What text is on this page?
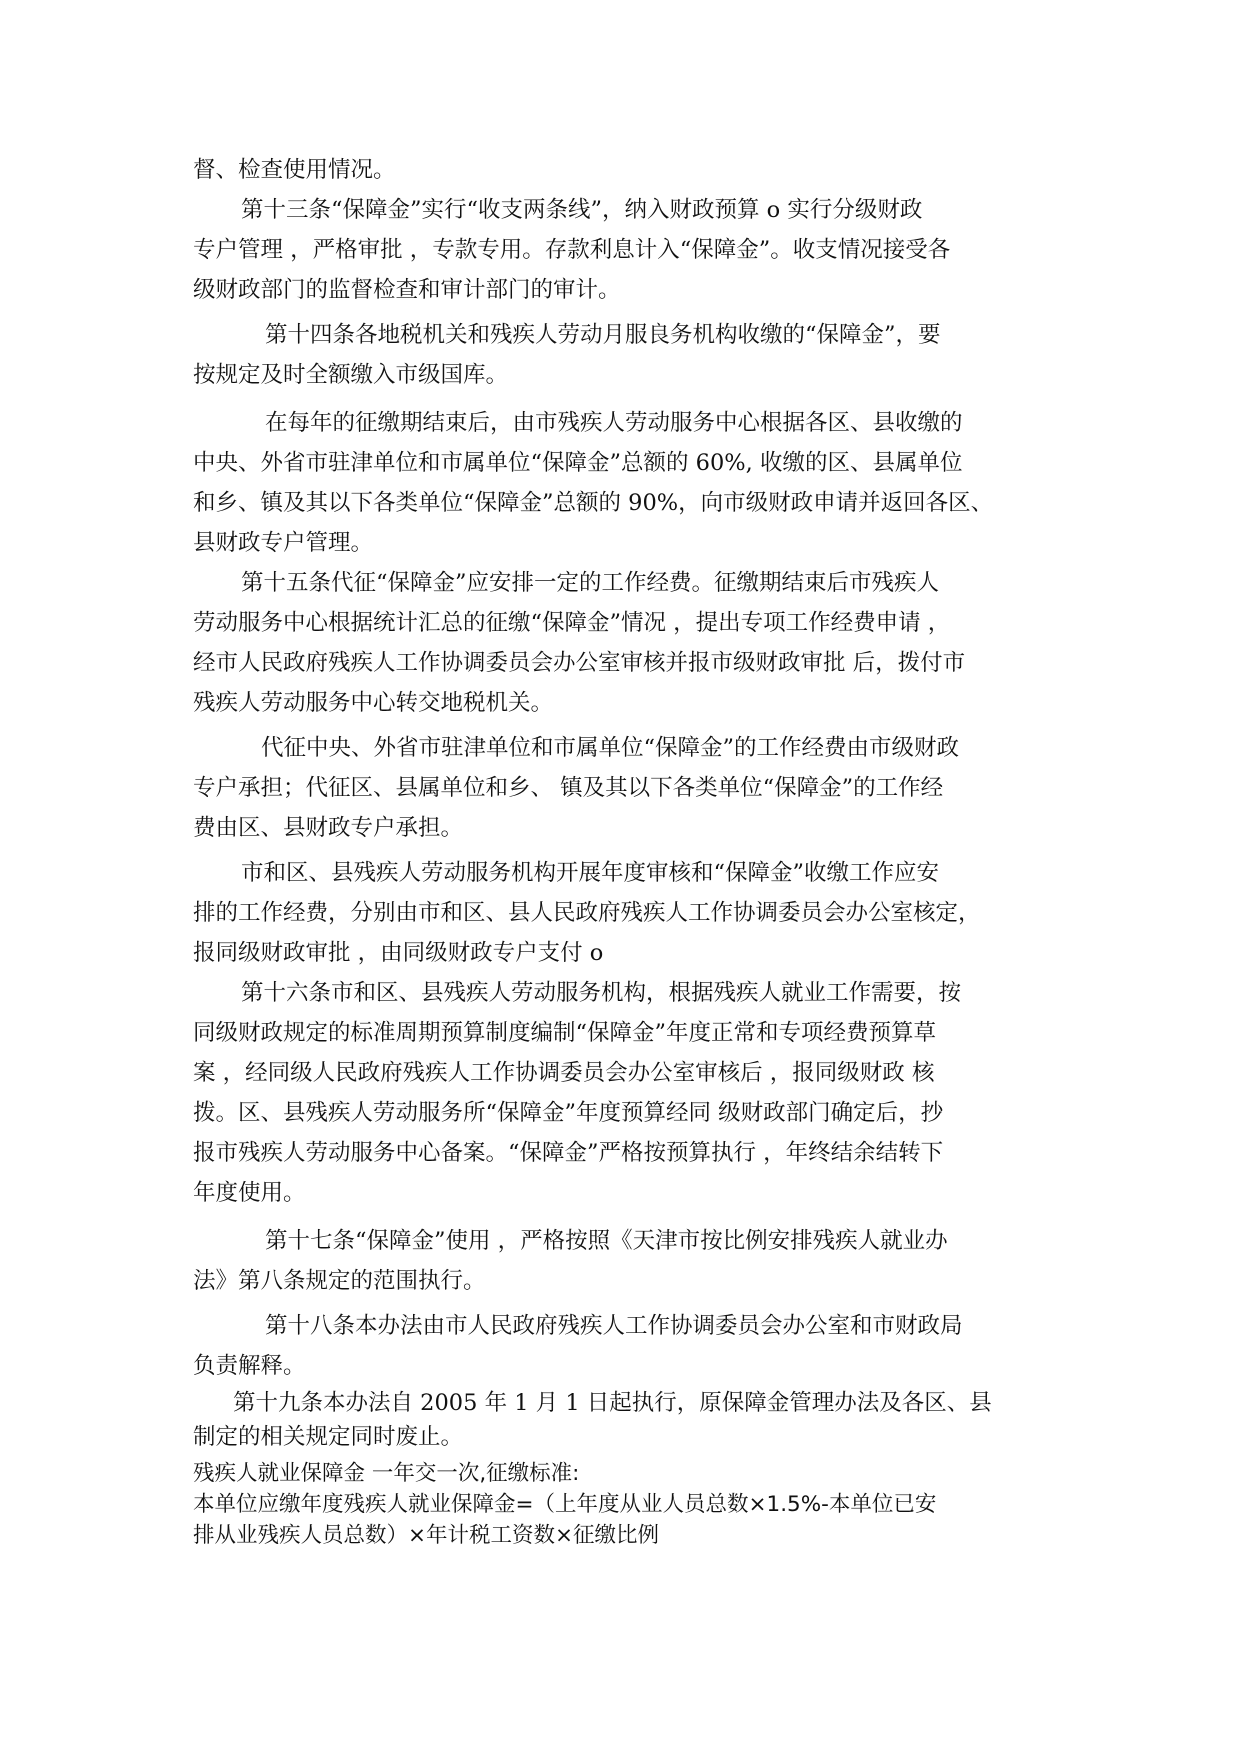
督、检查使用情况。

第十三条“保障金”实行“收支两条线”，纳入财政预算 o 实行分级财政
专户管理 ，严格审批 ，专款专用。存款利息计入“保障金”。收支情况接受各
级财政部门的监督检查和审计部门的审计。

第十四条各地税机关和残疾人劳动月服良务机构收缴的“保障金”，要
按规定及时全额缴入市级国库。

在每年的征缴期结束后，由市残疾人劳动服务中心根据各区、县收缴的
中央、外省市驻津单位和市属单位“保障金”总额的 60%, 收缴的区、县属单位
和乡、镇及其以下各类单位“保障金”总额的 90%，向市级财政申请并返回各区、
县财政专户管理。

第十五条代征“保障金”应安排一定的工作经费。征缴期结束后市残疾人
劳动服务中心根据统计汇总的征缴“保障金”情况 ，提出专项工作经费申请 ，
经市人民政府残疾人工作协调委员会办公室审核并报市级财政审批 后，拨付市
残疾人劳动服务中心转交地税机关。

代征中央、外省市驻津单位和市属单位“保障金”的工作经费由市级财政
专户承担；代征区、县属单位和乡、 镇及其以下各类单位“保障金”的工作经
费由区、县财政专户承担。

市和区、县残疾人劳动服务机构开展年度审核和“保障金”收缴工作应安
排的工作经费，分别由市和区、县人民政府残疾人工作协调委员会办公室核定，
报同级财政审批 ，由同级财政专户支付 o

第十六条市和区、县残疾人劳动服务机构，根据残疾人就业工作需要，按
同级财政规定的标准周期预算制度编制“保障金”年度正常和专项经费预算草
案 ，经同级人民政府残疾人工作协调委员会办公室审核后 ，报同级财政 核
拨。区、县残疾人劳动服务所“保障金”年度预算经同 级财政部门确定后，抄
报市残疾人劳动服务中心备案。“保障金”严格按预算执行 ，年终结余结转下
年度使用。

第十七条“保障金”使用 ，严格按照《天津市按比例安排残疾人就业办
法》第八条规定的范围执行。

第十八条本办法由市人民政府残疾人工作协调委员会办公室和市财政局
负责解释。

第十九条本办法自 2005 年 1 月 1 日起执行，原保障金管理办法及各区、县
制定的相关规定同时废止。

残疾人就业保障金 一年交一次,征缴标准:
本单位应缴年度残疾人就业保障金=（上年度从业人员总数×1.5%-本单位已安
排从业残疾人员总数）×年计税工资数×征缴比例
